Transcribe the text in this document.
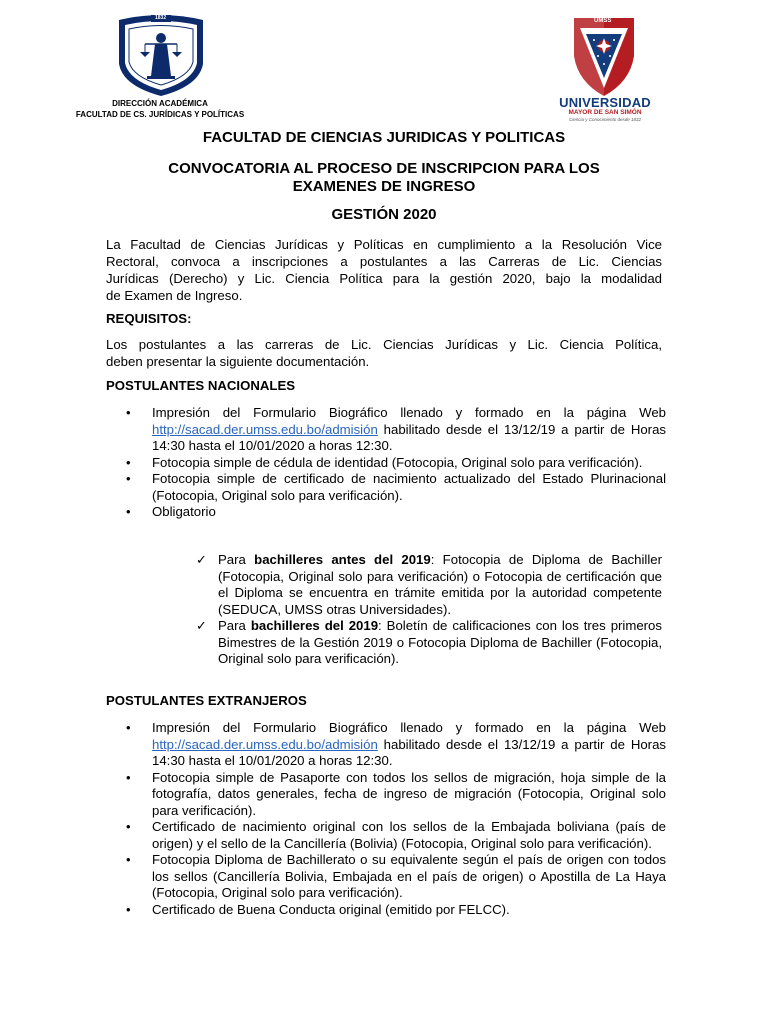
1832
DIRECCIÓN ACADÉMICA
FACULTAD DE CS. JURÍDICAS Y POLÍTICAS
UMSS
UNIVERSIDAD
MAYOR DE SAN SIMÓN
Ciencia y Conocimiento desde 1832
FACULTAD DE CIENCIAS JURIDICAS Y POLITICAS
CONVOCATORIA AL PROCESO DE INSCRIPCION PARA LOS
EXAMENES DE INGRESO
GESTIÓN 2020
La Facultad de Ciencias Jurídicas y Políticas en cumplimiento a la Resolución Vice
Rectoral, convoca a inscripciones a postulantes a las Carreras de Lic. Ciencias
Jurídicas (Derecho) y Lic. Ciencia Política para la gestión 2020, bajo la modalidad
de Examen de Ingreso.
REQUISITOS:
Los postulantes a las carreras de Lic. Ciencias Jurídicas y Lic. Ciencia Política,
deben presentar la siguiente documentación.
POSTULANTES NACIONALES
• Impresión del Formulario Biográfico llenado y formado en la página Web http://sacad.der.umss.edu.bo/admisión habilitado desde el 13/12/19 a partir de Horas 14:30 hasta el 10/01/2020 a horas 12:30.
• Fotocopia simple de cédula de identidad (Fotocopia, Original solo para verificación).
• Fotocopia simple de certificado de nacimiento actualizado del Estado Plurinacional (Fotocopia, Original solo para verificación).
• Obligatorio
✓ Para bachilleres antes del 2019: Fotocopia de Diploma de Bachiller (Fotocopia, Original solo para verificación) o Fotocopia de certificación que el Diploma se encuentra en trámite emitida por la autoridad competente (SEDUCA, UMSS otras Universidades).
✓ Para bachilleres del 2019: Boletín de calificaciones con los tres primeros Bimestres de la Gestión 2019 o Fotocopia Diploma de Bachiller (Fotocopia, Original solo para verificación).
POSTULANTES EXTRANJEROS
• Impresión del Formulario Biográfico llenado y formado en la página Web http://sacad.der.umss.edu.bo/admisión habilitado desde el 13/12/19 a partir de Horas 14:30 hasta el 10/01/2020 a horas 12:30.
• Fotocopia simple de Pasaporte con todos los sellos de migración, hoja simple de la fotografía, datos generales, fecha de ingreso de migración (Fotocopia, Original solo para verificación).
• Certificado de nacimiento original con los sellos de la Embajada boliviana (país de origen) y el sello de la Cancillería (Bolivia) (Fotocopia, Original solo para verificación).
• Fotocopia Diploma de Bachillerato o su equivalente según el país de origen con todos los sellos (Cancillería Bolivia, Embajada en el país de origen) o Apostilla de La Haya (Fotocopia, Original solo para verificación).
• Certificado de Buena Conducta original (emitido por FELCC).
